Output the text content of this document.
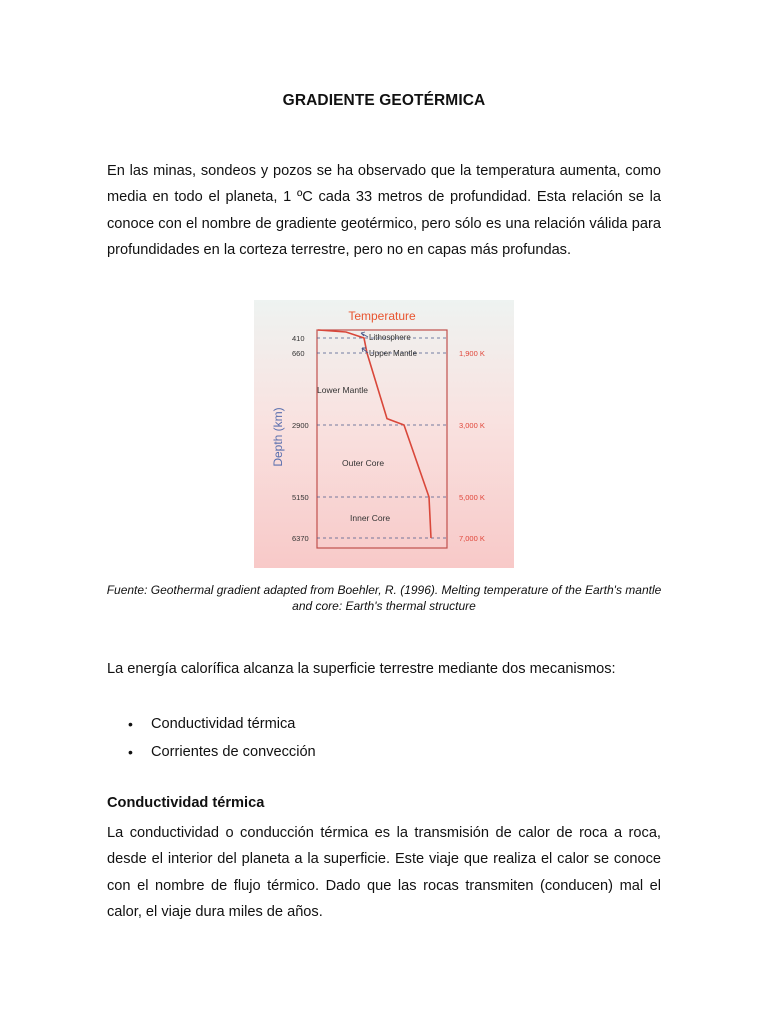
GRADIENTE GEOTÉRMICA

En las minas, sondeos y pozos se ha observado que la temperatura aumenta, como media en todo el planeta, 1 ºC cada 33 metros de profundidad. Esta relación se la conoce con el nombre de gradiente geotérmico, pero sólo es una relación válida para profundidades en la corteza terrestre, pero no en capas más profundas.

Temperature
Depth (km)
410
660
2900
5150
6370
1,900 K
3,000 K
5,000 K
7,000 K
Lithosphere
Upper Mantle
Lower Mantle
Outer Core
Inner Core
Fuente: Geothermal gradient adapted from Boehler, R. (1996). Melting temperature of the Earth's mantle and core: Earth's thermal structure

La energía calorífica alcanza la superficie terrestre mediante dos mecanismos:

• Conductividad térmica
• Corrientes de convección
Conductividad térmica

La conductividad o conducción térmica es la transmisión de calor de roca a roca, desde el interior del planeta a la superficie. Este viaje que realiza el calor se conoce con el nombre de flujo térmico. Dado que las rocas transmiten (conducen) mal el calor, el viaje dura miles de años.
